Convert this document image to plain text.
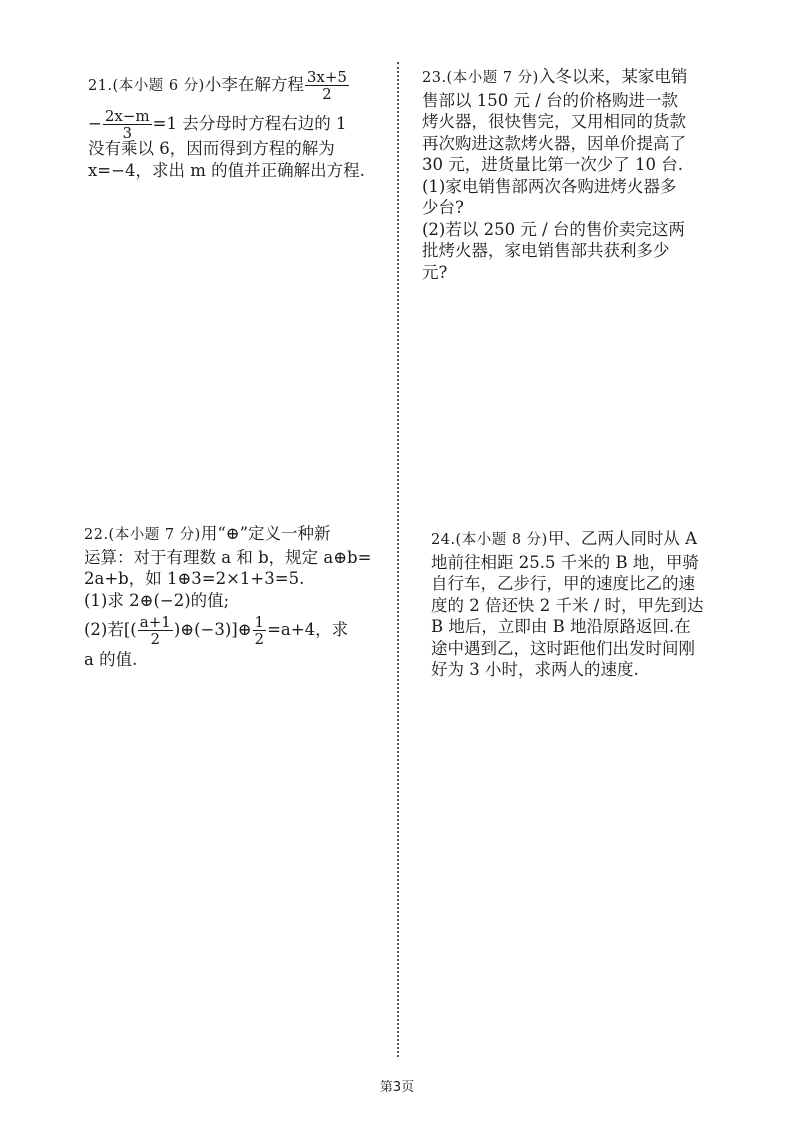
21.(本小题 6 分)小李在解方程 $\frac{3x+5}{2}$

− $\frac{2x-m}{3} =1$ 去分母时方程右边的 1

没有乘以 6，因而得到方程的解为

x=−4，求出 m 的值并正确解出方程.

23.(本小题 7 分)入冬以来，某家电销

售部以 150 元 / 台的价格购进一款

烤火器，很快售完，又用相同的货款

再次购进这款烤火器，因单价提高了

30 元，进货量比第一次少了 10 台.

(1)家电销售部两次各购进烤火器多

少台?

(2)若以 250 元 / 台的售价卖完这两

批烤火器，家电销售部共获利多少

元?

22.(本小题 7 分)用“⊕”定义一种新

运算：对于有理数 a 和 b，规定 a⊕b=

2a+b，如 1⊕3=2×1+3=5.

(1)求 2⊕(−2)的值;

(2)若[( $\frac{a+1}{2}$ )⊕(−3)]⊕ $\frac{1}{2} =a+4$，求

a 的值.

24.(本小题 8 分)甲、乙两人同时从 A

地前往相距 25.5 千米的 B 地，甲骑

自行车，乙步行，甲的速度比乙的速

度的 2 倍还快 2 千米 / 时，甲先到达

B 地后，立即由 B 地沿原路返回.在

途中遇到乙，这时距他们出发时间刚

好为 3 小时，求两人的速度.

第3页
